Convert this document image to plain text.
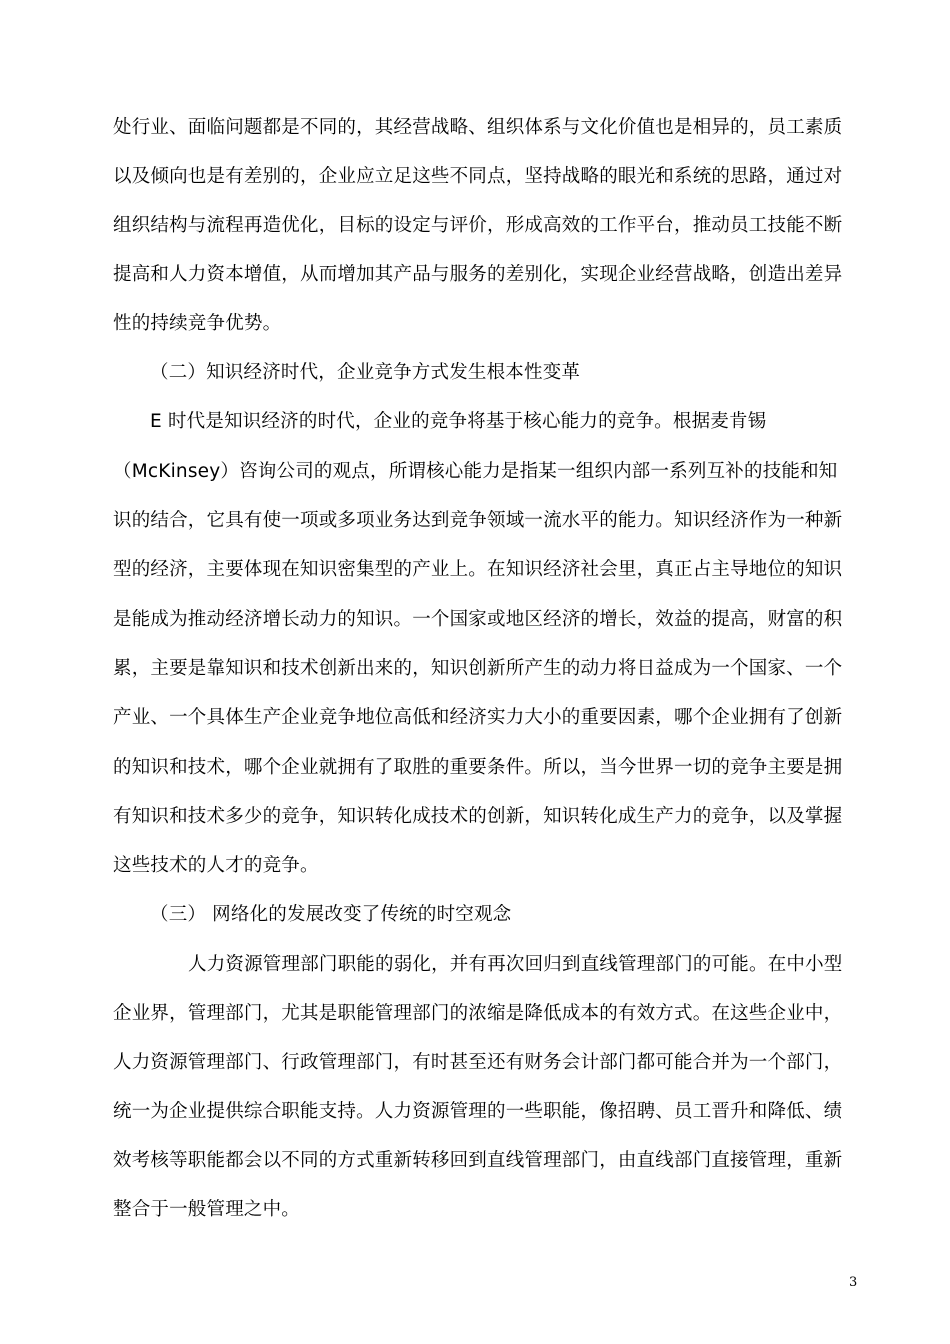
处行业、面临问题都是不同的，其经营战略、组织体系与文化价值也是相异的，员工素质
以及倾向也是有差别的，企业应立足这些不同点，坚持战略的眼光和系统的思路，通过对
组织结构与流程再造优化，目标的设定与评价，形成高效的工作平台，推动员工技能不断
提高和人力资本增值，从而增加其产品与服务的差别化，实现企业经营战略，创造出差异
性的持续竞争优势。
（二）知识经济时代，企业竞争方式发生根本性变革
E 时代是知识经济的时代，企业的竞争将基于核心能力的竞争。根据麦肯锡
（McKinsey）咨询公司的观点，所谓核心能力是指某一组织内部一系列互补的技能和知
识的结合，它具有使一项或多项业务达到竞争领域一流水平的能力。知识经济作为一种新
型的经济，主要体现在知识密集型的产业上。在知识经济社会里，真正占主导地位的知识
是能成为推动经济增长动力的知识。一个国家或地区经济的增长，效益的提高，财富的积
累，主要是靠知识和技术创新出来的，知识创新所产生的动力将日益成为一个国家、一个
产业、一个具体生产企业竞争地位高低和经济实力大小的重要因素，哪个企业拥有了创新
的知识和技术，哪个企业就拥有了取胜的重要条件。所以，当今世界一切的竞争主要是拥
有知识和技术多少的竞争，知识转化成技术的创新，知识转化成生产力的竞争，以及掌握
这些技术的人才的竞争。
（三） 网络化的发展改变了传统的时空观念
人力资源管理部门职能的弱化，并有再次回归到直线管理部门的可能。在中小型
企业界，管理部门，尤其是职能管理部门的浓缩是降低成本的有效方式。在这些企业中，
人力资源管理部门、行政管理部门，有时甚至还有财务会计部门都可能合并为一个部门，
统一为企业提供综合职能支持。人力资源管理的一些职能，像招聘、员工晋升和降低、绩
效考核等职能都会以不同的方式重新转移回到直线管理部门，由直线部门直接管理，重新
整合于一般管理之中。
3
